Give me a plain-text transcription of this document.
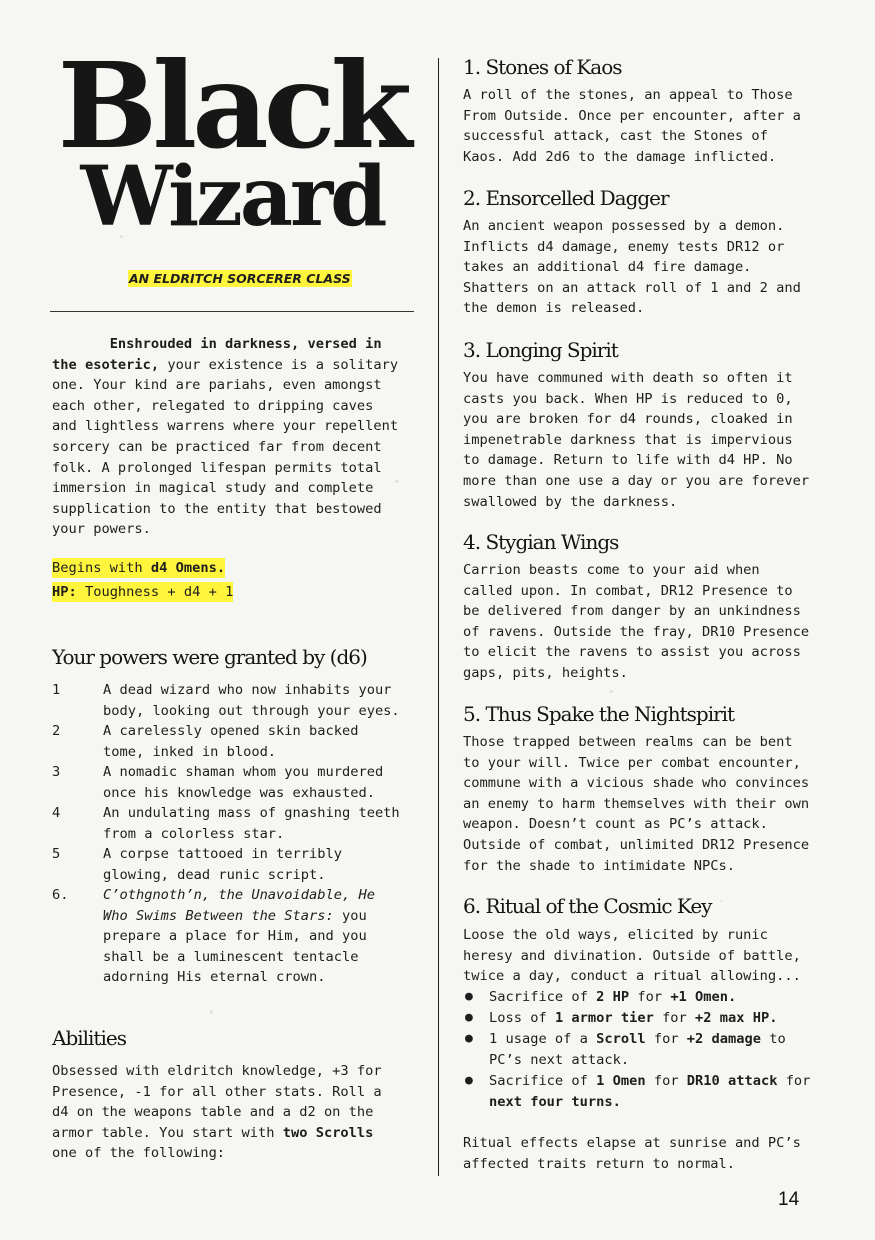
Black
Wizard
AN ELDRITCH SORCERER CLASS
Enshrouded in darkness, versed in
the esoteric, your existence is a solitary
one. Your kind are pariahs, even amongst
each other, relegated to dripping caves
and lightless warrens where your repellent
sorcery can be practiced far from decent
folk. A prolonged lifespan permits total
immersion in magical study and complete
supplication to the entity that bestowed
your powers.
Begins with d4 Omens.
HP: Toughness + d4 + 1
Your powers were granted by (d6)
1	A dead wizard who now inhabits your
body, looking out through your eyes.
2	A carelessly opened skin backed
tome, inked in blood.
3	A nomadic shaman whom you murdered
once his knowledge was exhausted.
4	An undulating mass of gnashing teeth
from a colorless star.
5	A corpse tattooed in terribly
glowing, dead runic script.
6.	C’othgnoth’n, the Unavoidable, He
Who Swims Between the Stars: you
prepare a place for Him, and you
shall be a luminescent tentacle
adorning His eternal crown.
Abilities
Obsessed with eldritch knowledge, +3 for
Presence, -1 for all other stats. Roll a
d4 on the weapons table and a d2 on the
armor table. You start with two Scrolls
one of the following:
1. Stones of Kaos
A roll of the stones, an appeal to Those
From Outside. Once per encounter, after a
successful attack, cast the Stones of
Kaos. Add 2d6 to the damage inflicted.
2. Ensorcelled Dagger
An ancient weapon possessed by a demon.
Inflicts d4 damage, enemy tests DR12 or
takes an additional d4 fire damage.
Shatters on an attack roll of 1 and 2 and
the demon is released.
3. Longing Spirit
You have communed with death so often it
casts you back. When HP is reduced to 0,
you are broken for d4 rounds, cloaked in
impenetrable darkness that is impervious
to damage. Return to life with d4 HP. No
more than one use a day or you are forever
swallowed by the darkness.
4. Stygian Wings
Carrion beasts come to your aid when
called upon. In combat, DR12 Presence to
be delivered from danger by an unkindness
of ravens. Outside the fray, DR10 Presence
to elicit the ravens to assist you across
gaps, pits, heights.
5. Thus Spake the Nightspirit
Those trapped between realms can be bent
to your will. Twice per combat encounter,
commune with a vicious shade who convinces
an enemy to harm themselves with their own
weapon. Doesn’t count as PC’s attack.
Outside of combat, unlimited DR12 Presence
for the shade to intimidate NPCs.
6. Ritual of the Cosmic Key
Loose the old ways, elicited by runic
heresy and divination. Outside of battle,
twice a day, conduct a ritual allowing...
● Sacrifice of 2 HP for +1 Omen.
● Loss of 1 armor tier for +2 max HP.
● 1 usage of a Scroll for +2 damage to
PC’s next attack.
● Sacrifice of 1 Omen for DR10 attack for
next four turns.
Ritual effects elapse at sunrise and PC’s
affected traits return to normal.
14
